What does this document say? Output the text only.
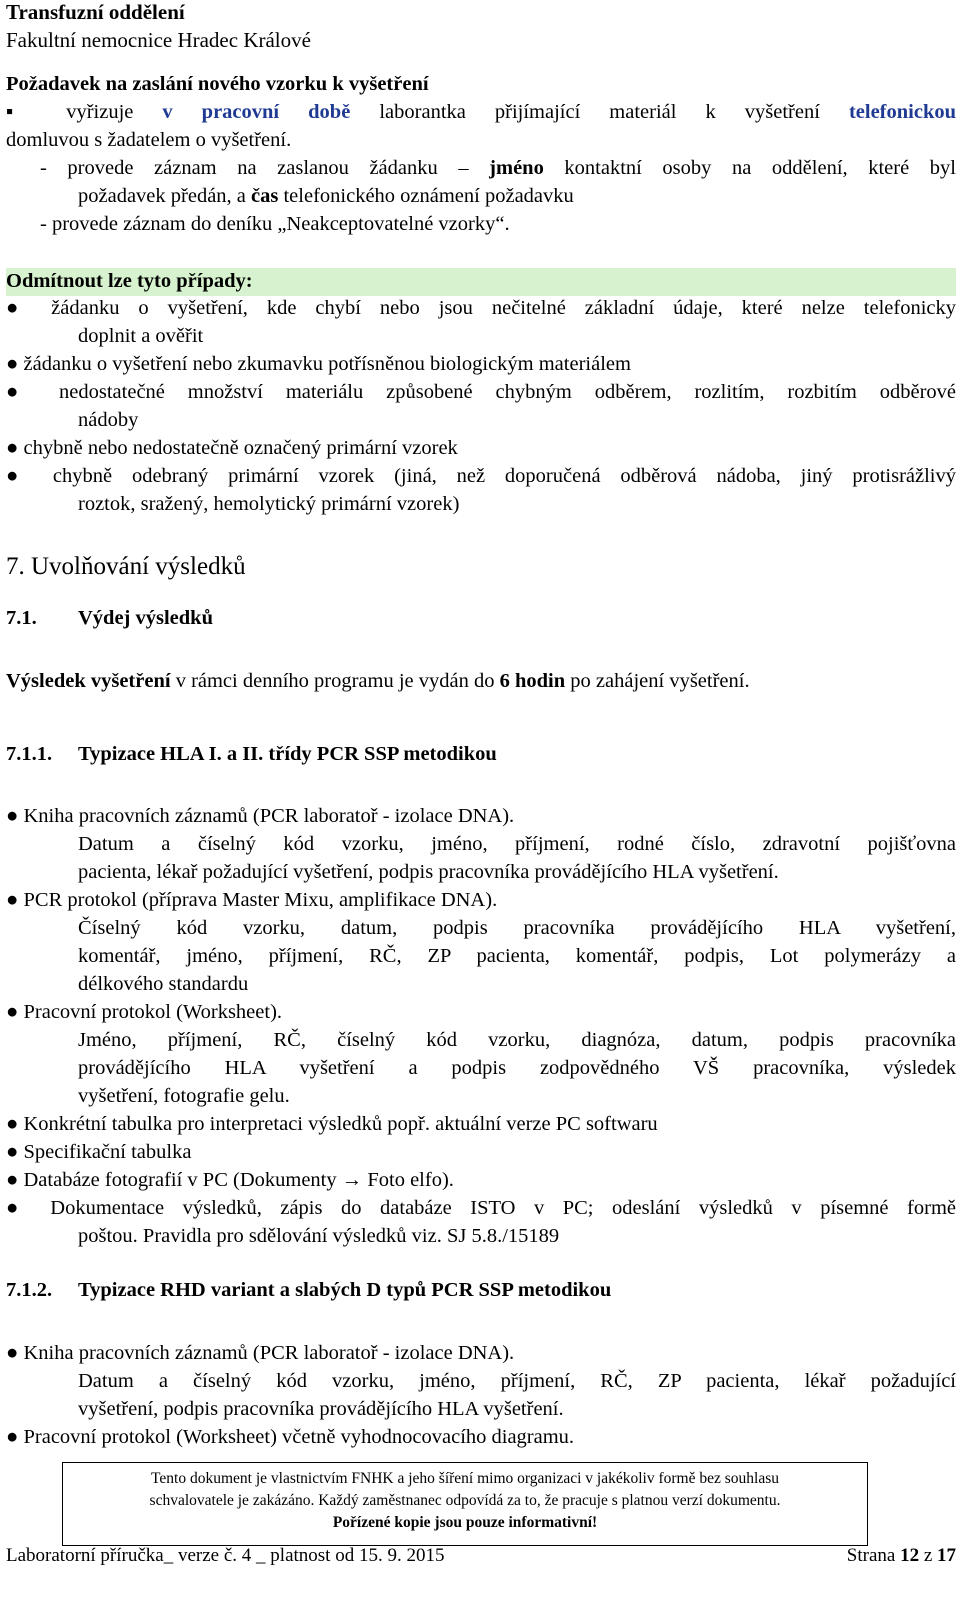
Transfuzní oddělení
Fakultní nemocnice Hradec Králové
Požadavek na zaslání nového vzorku k vyšetření
▪ vyřizuje v pracovní době laborantka přijímající materiál k vyšetření telefonickou
domluvou s žadatelem o vyšetření.
- provede záznam na zaslanou žádanku – jméno kontaktní osoby na oddělení, které byl
požadavek předán, a čas telefonického oznámení požadavku
- provede záznam do deníku „Neakceptovatelné vzorky“.
Odmítnout lze tyto případy:
● žádanku o vyšetření, kde chybí nebo jsou nečitelné základní údaje, které nelze telefonicky
doplnit a ověřit
● žádanku o vyšetření nebo zkumavku potřísněnou biologickým materiálem
● nedostatečné množství materiálu způsobené chybným odběrem, rozlitím, rozbitím odběrové
nádoby
● chybně nebo nedostatečně označený primární vzorek
● chybně odebraný primární vzorek (jiná, než doporučená odběrová nádoba, jiný protisrážlivý
roztok, sražený, hemolytický primární vzorek)
7. Uvolňování výsledků
7.1. Výdej výsledků
Výsledek vyšetření v rámci denního programu je vydán do 6 hodin po zahájení vyšetření.
7.1.1. Typizace HLA I. a II. třídy PCR SSP metodikou
● Kniha pracovních záznamů (PCR laboratoř - izolace DNA).
Datum a číselný kód vzorku, jméno, příjmení, rodné číslo, zdravotní pojišťovna
pacienta, lékař požadující vyšetření, podpis pracovníka provádějícího HLA vyšetření.
● PCR protokol (příprava Master Mixu, amplifikace DNA).
Číselný kód vzorku, datum, podpis pracovníka provádějícího HLA vyšetření,
komentář, jméno, příjmení, RČ, ZP pacienta, komentář, podpis, Lot polymerázy a
délkového standardu
● Pracovní protokol (Worksheet).
Jméno, příjmení, RČ, číselný kód vzorku, diagnóza, datum, podpis pracovníka
provádějícího HLA vyšetření a podpis zodpovědného VŠ pracovníka, výsledek
vyšetření, fotografie gelu.
● Konkrétní tabulka pro interpretaci výsledků popř. aktuální verze PC softwaru
● Specifikační tabulka
● Databáze fotografií v PC (Dokumenty → Foto elfo).
● Dokumentace výsledků, zápis do databáze ISTO v PC; odeslání výsledků v písemné formě
poštou. Pravidla pro sdělování výsledků viz. SJ 5.8./15189
7.1.2. Typizace RHD variant a slabých D typů PCR SSP metodikou
● Kniha pracovních záznamů (PCR laboratoř - izolace DNA).
Datum a číselný kód vzorku, jméno, příjmení, RČ, ZP pacienta, lékař požadující
vyšetření, podpis pracovníka provádějícího HLA vyšetření.
● Pracovní protokol (Worksheet) včetně vyhodnocovacího diagramu.
Tento dokument je vlastnictvím FNHK a jeho šíření mimo organizaci v jakékoliv formě bez souhlasu
schvalovatele je zakázáno. Každý zaměstnanec odpovídá za to, že pracuje s platnou verzí dokumentu.
Pořízené kopie jsou pouze informativní!
Laboratorní příručka_ verze č. 4 _ platnost od 15. 9. 2015	Strana 12 z 17
